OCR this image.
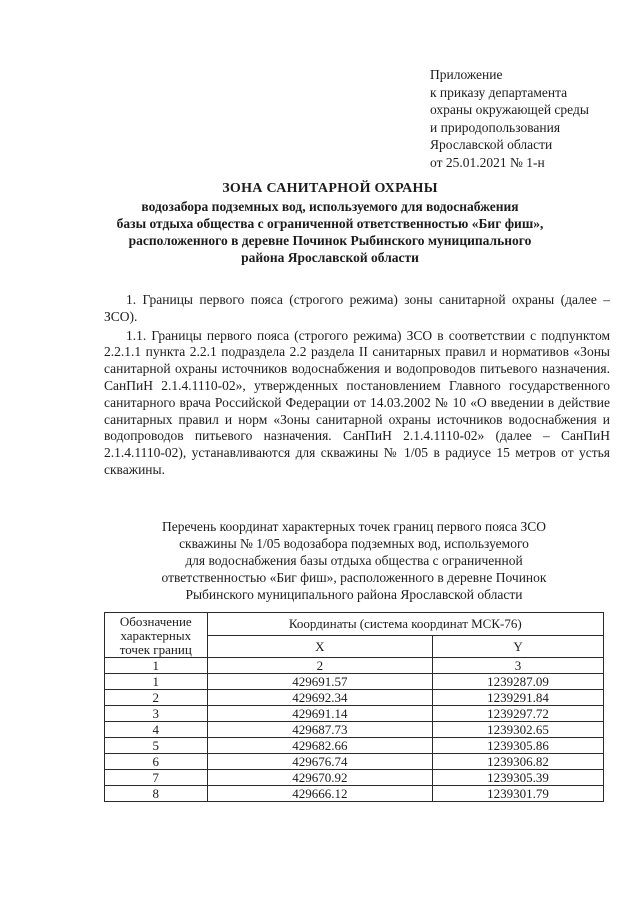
Приложение
к приказу департамента
охраны окружающей среды
и природопользования
Ярославской области
от 25.01.2021 № 1-н
ЗОНА САНИТАРНОЙ ОХРАНЫ
водозабора подземных вод, используемого для водоснабжения
базы отдыха общества с ограниченной ответственностью «Биг фиш»,
расположенного в деревне Починок Рыбинского муниципального
района Ярославской области

1. Границы первого пояса (строгого режима) зоны санитарной охраны (далее – ЗСО).

1.1. Границы первого пояса (строгого режима) ЗСО в соответствии с подпунктом 2.2.1.1 пункта 2.2.1 подраздела 2.2 раздела II санитарных правил и нормативов «Зоны санитарной охраны источников водоснабжения и водопроводов питьевого назначения. СанПиН 2.1.4.1110-02», утвержденных постановлением Главного государственного санитарного врача Российской Федерации от 14.03.2002 № 10 «О введении в действие санитарных правил и норм «Зоны санитарной охраны источников водоснабжения и водопроводов питьевого назначения. СанПиН 2.1.4.1110-02» (далее – СанПиН 2.1.4.1110-02), устанавливаются для скважины № 1/05 в радиусе 15 метров от устья скважины.

Перечень координат характерных точек границ первого пояса ЗСО
скважины № 1/05 водозабора подземных вод, используемого
для водоснабжения базы отдыха общества с ограниченной
ответственностью «Биг фиш», расположенного в деревне Починок
Рыбинского муниципального района Ярославской области
Обозначение характерных точек границ	Координаты (система координат МСК-76)	
	X	Y
1	2	3
1	429691.57	1239287.09
2	429692.34	1239291.84
3	429691.14	1239297.72
4	429687.73	1239302.65
5	429682.66	1239305.86
6	429676.74	1239306.82
7	429670.92	1239305.39
8	429666.12	1239301.79
